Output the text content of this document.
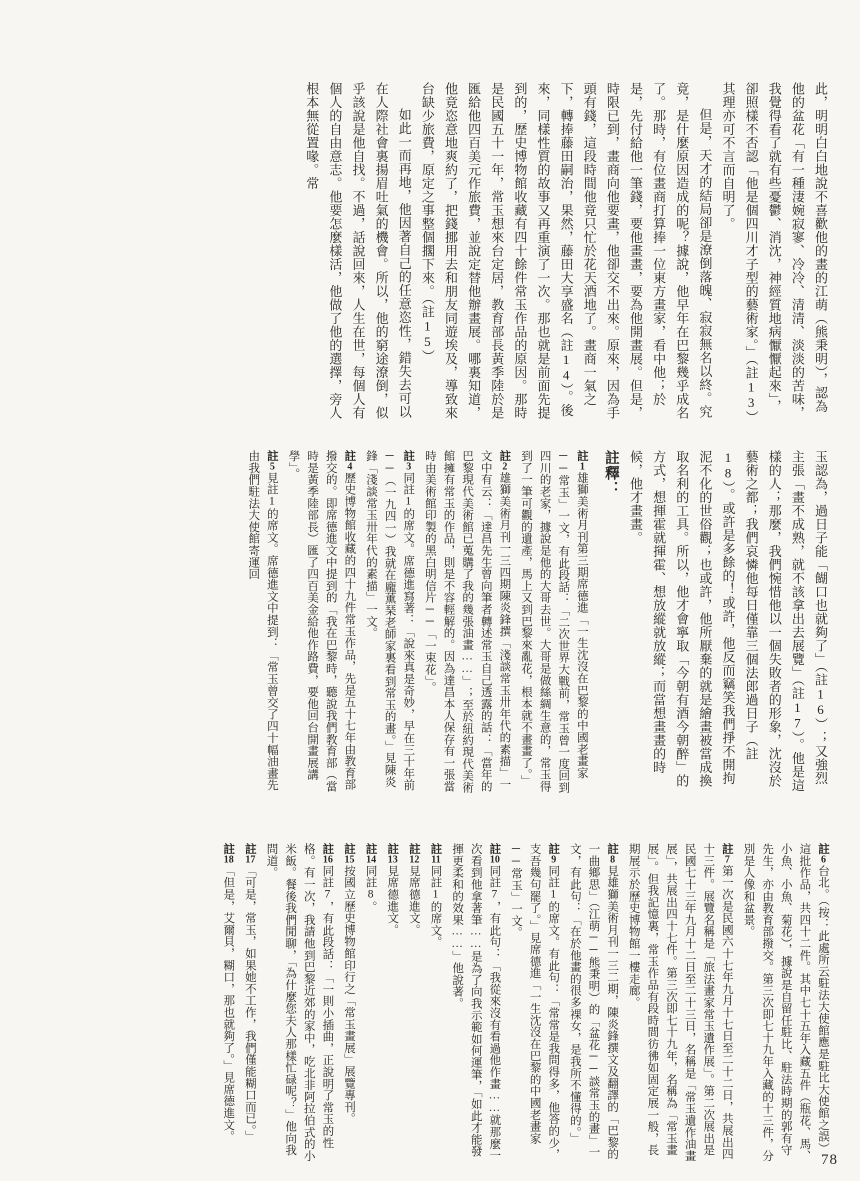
此，明明白白地說不喜歡他的畫的江萌（熊秉明），認為他的盆花「有一種淒婉寂寥、冷冷、清清、淡淡的苦味，我覺得看了就有些憂鬱、消沈，神經質地病懨懨起來」，卻照樣不否認「他是個四川才子型的藝術家。」（註13）其理亦可不言而自明了。

但是，天才的結局卻是潦倒落魄、寂寂無名以終。究竟，是什麼原因造成的呢？據說，他早年在巴黎幾乎成名了。那時，有位畫商打算捧一位東方畫家，看中他；於是，先付給他一筆錢，要他畫畫，要為他開畫展。但是，時限已到，畫商向他要畫，他卻交不出來。原來，因為手頭有錢，這段時間他竟只忙於花天酒地了。畫商一氣之下，轉捧藤田嗣治，果然，藤田大享盛名（註14）。後來，同樣性質的故事又再重演了一次。那也就是前面先提到的，歷史博物館收藏有四十餘件常玉作品的原因。那時是民國五十一年，常玉想來台定居，教育部長黃季陸於是匯給他四百美元作旅費，並說定替他辦畫展。哪裏知道，他竟恣意地爽約了，把錢挪用去和朋友同遊埃及，導致來台缺少旅費，原定之事整個擱下來。（註15）

如此一而再地，他因著自己的任意恣性，錯失去可以在人際社會裏揚眉吐氣的機會。所以，他的窮途潦倒，似乎該說是他自找。不過，話說回來，人生在世，每個人有個人的自由意志。他要怎麼樣活，他做了他的選擇，旁人根本無從置喙。常

玉認為，過日子能「餬口也就夠了」（註16）；又強烈主張「畫不成熟，就不該拿出去展覽」（註17）。他是這樣的人；那麼，我們惋惜他以一個失敗者的形象，沈沒於藝術之都；我們哀憐他每日僅靠三個法郎過日子（註18）。或許是多餘的！或許，他反而竊笑我們掙不開拘泥不化的世俗觀；也或許，他所厭棄的就是繪畫被當成換取名利的工具。所以，他才會寧取「今朝有酒今朝醉」的方式，想揮霍就揮霍、想放縱就放縱；而當想畫畫的時候，他才畫畫。

註釋：
註1雄獅美術月刊第三期席德進「一生沈沒在巴黎的中國老畫家──常玉」一文，有此段話：「二次世界大戰前，常玉曾一度回到四川的老家，據說是他的大哥去世。大哥是做絲綢生意的，常玉得到了一筆可觀的遺產，馬上又到巴黎來亂花，根本就不畫畫了。」
註2雄獅美術月刊一三四期陳炎鋒撰「淺談常玉卅年代的素描」一文中有云：「達昌先生曾向筆者轉述常玉自己透露的話：「當年的巴黎現代美術館已蒐購了我的幾張油畫……」；至於紐約現代美術館擁有常玉的作品，則是不容輕解的。因為達昌本人保存有一張當時由美術館印製的黑白明信片──「一束花」。
註3同註1的席文。席德進寫著：「說來真是奇妙，早在三十年前──（一九四一）我就在龐薰琹老師家裏看到常玉的畫。」見陳炎鋒「淺談常玉卅年代的素描」一文。
註4歷史博物館收藏的四十九件常玉作品，先是五十七年由教育部撥交的。即席德進文中提到的「我在巴黎時，聽說我們教育部（當時是黃季陸部長）匯了四百美金給他作路費，要他回台開畫展講學」。
註5見註1的席文。席德進文中提到：「常玉曾交了四十幅油畫先由我們駐法大使館寄運回
註6台北。（按：此處所云駐法大使館應是駐比大使館之誤）這批作品，共四十二件。其中七十五年入藏五件（瓶花、馬、小魚、小魚、菊花），據說是自留任駐比、駐法時期的郭有守先生，亦由教育部撥交。第三次即七十九年入藏的十三件，分別是人像和盆景。
註7第一次是民國六十七年九月十七日至二十二日，共展出四十三件。展覽名稱是「旅法畫家常玉遺作展」。第二次展出是民國七十三年九月十二日至二十三日，名稱是「常玉遺作油畫展」，共展出四十七件。第三次即七十九年，名稱為「常玉畫展」。但我記憶裏，常玉作品有段時間彷彿如固定展一般，長期展示於歷史博物館一樓走廊。
註8見雄獅美術月刊一三二期，陳炎鋒撰文及翻譯的「巴黎的一曲鄉思」（江萌──熊秉明）的「盆花──談常玉的畫」一文，有此句：「在於他畫的很多裸女，是我所不懂得的。」
註9同註1的席文。有此句：「常常是我問得多，他答的少，支吾幾句罷了。」見席德進「一生沈沒在巴黎的中國老畫家──常玉」一文。
註10同註7，有此句：「我從來沒有看過他作畫……就那麼一次看到他拿著筆……是為了向我示範如何運筆，「如此才能發揮更柔和的效果……」他說著。
註11同註1的席文。
註12見席德進文。
註13見席德進文。
註14同註8。
註15按國立歷史博物館印行之「常玉畫展」展覽專刊。
註16同註7，有此段話：「一則小插曲，正說明了常玉的性格。有一次，我請他到巴黎近郊的家中，吃北非阿拉伯式的小米飯。餐後我們閒聊，「為什麼您夫人那樣忙碌呢？」他向我問道。
註17「可是，常玉，如果她不工作，我們僅能糊口而已。」
註18「但是，艾爾貝，糊口，那也就夠了。」見席德進文。
78
